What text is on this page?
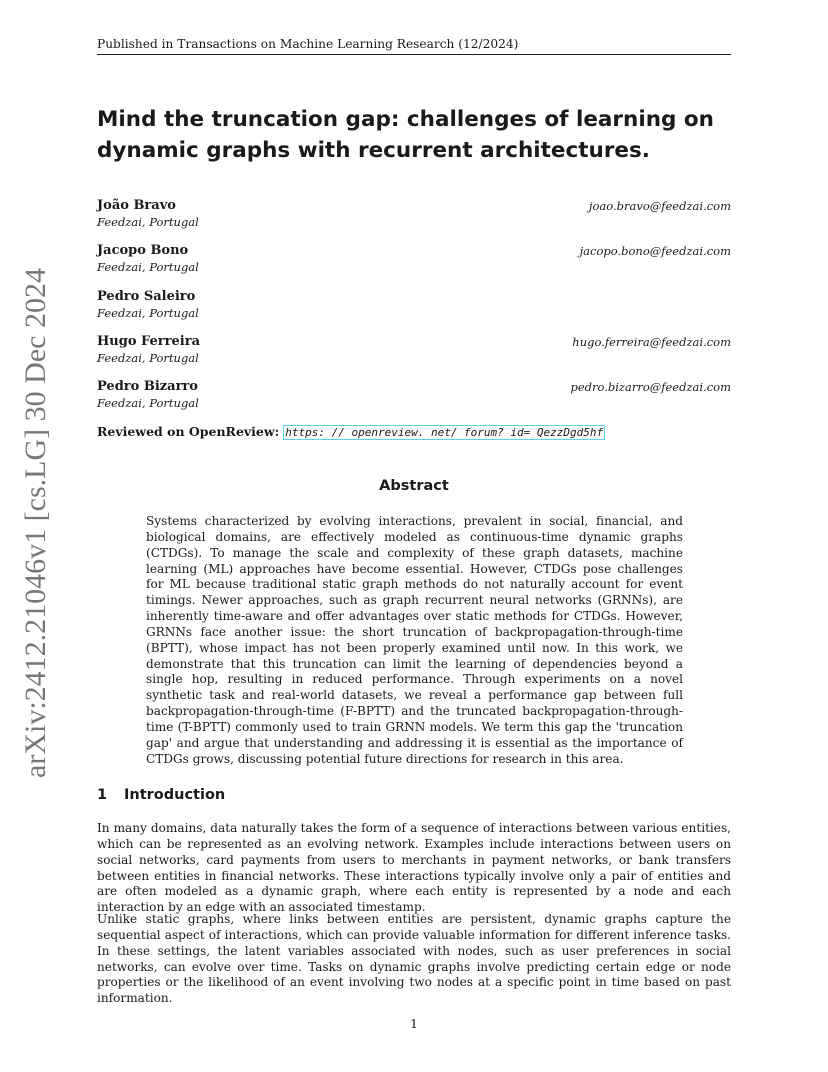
Published in Transactions on Machine Learning Research (12/2024)
arXiv:2412.21046v1 [cs.LG] 30 Dec 2024
Mind the truncation gap: challenges of learning on dynamic graphs with recurrent architectures.
João Bravo
Feedzai, Portugal
joao.bravo@feedzai.com
Jacopo Bono
Feedzai, Portugal
jacopo.bono@feedzai.com
Pedro Saleiro
Feedzai, Portugal
Hugo Ferreira
Feedzai, Portugal
hugo.ferreira@feedzai.com
Pedro Bizarro
Feedzai, Portugal
pedro.bizarro@feedzai.com
Reviewed on OpenReview: https: // openreview. net/ forum? id= QezzDgd5hf
Abstract

Systems characterized by evolving interactions, prevalent in social, financial, and biological domains, are effectively modeled as continuous-time dynamic graphs (CTDGs). To manage the scale and complexity of these graph datasets, machine learning (ML) approaches have become essential. However, CTDGs pose challenges for ML because traditional static graph methods do not naturally account for event timings. Newer approaches, such as graph recurrent neural networks (GRNNs), are inherently time-aware and offer advantages over static methods for CTDGs. However, GRNNs face another issue: the short truncation of backpropagation-through-time (BPTT), whose impact has not been properly examined until now. In this work, we demonstrate that this truncation can limit the learning of dependencies beyond a single hop, resulting in reduced performance. Through experiments on a novel synthetic task and real-world datasets, we reveal a performance gap between full backpropagation-through-time (F-BPTT) and the truncated backpropagation-through-time (T-BPTT) commonly used to train GRNN models. We term this gap the 'truncation gap' and argue that understanding and addressing it is essential as the importance of CTDGs grows, discussing potential future directions for research in this area.

1 Introduction

In many domains, data naturally takes the form of a sequence of interactions between various entities, which can be represented as an evolving network. Examples include interactions between users on social networks, card payments from users to merchants in payment networks, or bank transfers between entities in financial networks. These interactions typically involve only a pair of entities and are often modeled as a dynamic graph, where each entity is represented by a node and each interaction by an edge with an associated timestamp.

Unlike static graphs, where links between entities are persistent, dynamic graphs capture the sequential aspect of interactions, which can provide valuable information for different inference tasks. In these settings, the latent variables associated with nodes, such as user preferences in social networks, can evolve over time. Tasks on dynamic graphs involve predicting certain edge or node properties or the likelihood of an event involving two nodes at a specific point in time based on past information.

1
